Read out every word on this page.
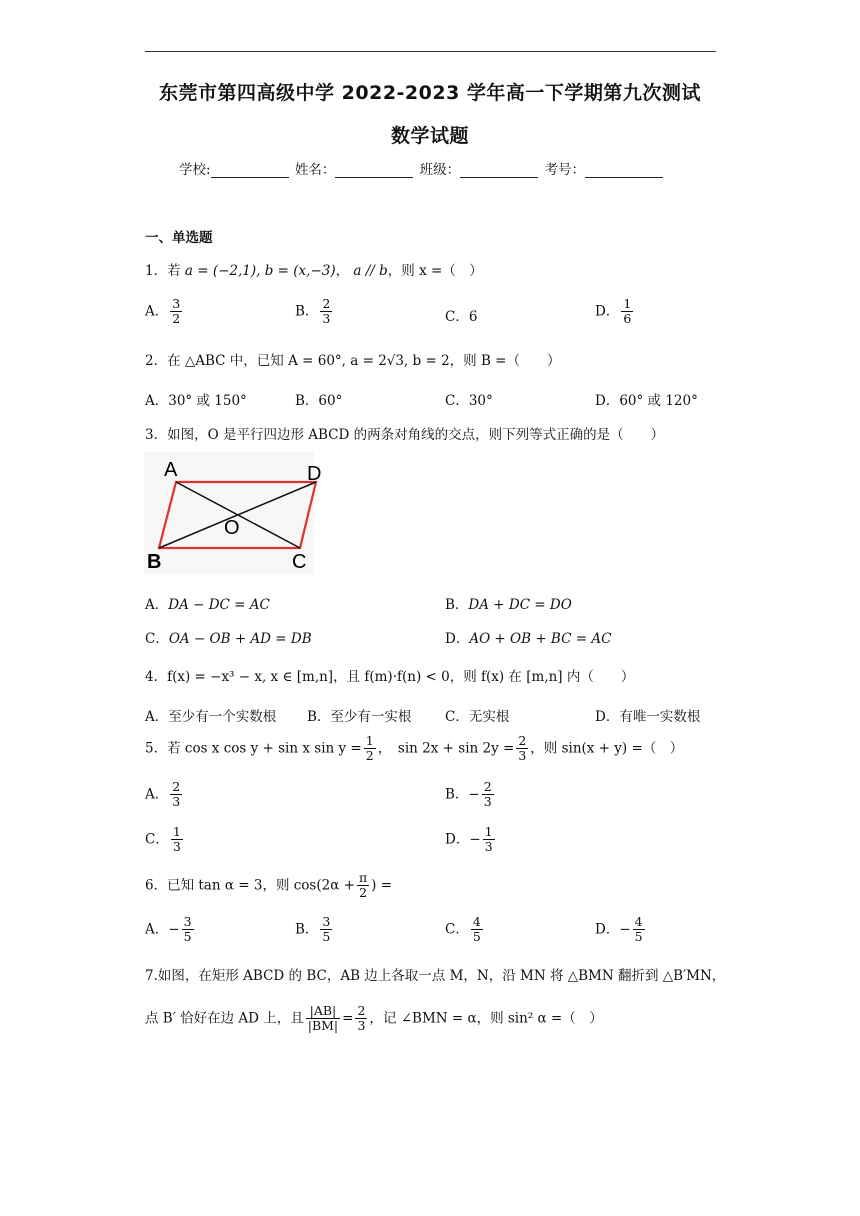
东莞市第四高级中学 2022-2023 学年高一下学期第九次测试
数学试题
学校:	姓名：	班级：	考号：
一、单选题
1．若 a = (−2,1), b = (x,−3)， a // b，则 x =（　）
A． $\frac{3}{2}$	B． $\frac{2}{3}$	C．6	D． $\frac{1}{6}$
2．在 △ABC 中，已知 A = 60°, a = 2√3, b = 2，则 B =（　　）
A．30° 或 150°	B．60°	C．30°	D．60° 或 120°
3．如图，O 是平行四边形 ABCD 的两条对角线的交点，则下列等式正确的是（　　）
A	D
B	C
O
A．DA − DC = AC	B．DA + DC = DO
C．OA − OB + AD = DB	D．AO + OB + BC = AC
4．f(x) = −x³ − x, x ∈ [m,n]，且 f(m)·f(n) < 0，则 f(x) 在 [m,n] 内（　　）
A．至少有一个实数根 B．至少有一实根 C．无实根	D．有唯一实数根
5．若 cos x cos y + sin x $\sin y = \frac{1}{2}$ ，　$\sin 2x + \sin 2y = \frac{2}{3}$ ，则 sin(x + y) =（　）
A． $\frac{2}{3}$	B．− $\frac{2}{3}$
C． $\frac{1}{3}$	D．− $\frac{1}{3}$
6．已知 tan α = 3，则 $\cos(2\alpha + \frac{\pi}{2}$ ) =
A．− $\frac{3}{5}$	B． $\frac{3}{5}$	C． $\frac{4}{5}$	D．− $\frac{4}{5}$
7.如图，在矩形 ABCD 的 BC，AB 边上各取一点 M，N，沿 MN 将 △BMN 翻折到 △B′MN，
点 B′ 恰好在边 AD 上，且 $\frac{|AB|}{|BM|} = \frac{2}{3}$ ，记 ∠BMN = α，则 sin² α =（　）
